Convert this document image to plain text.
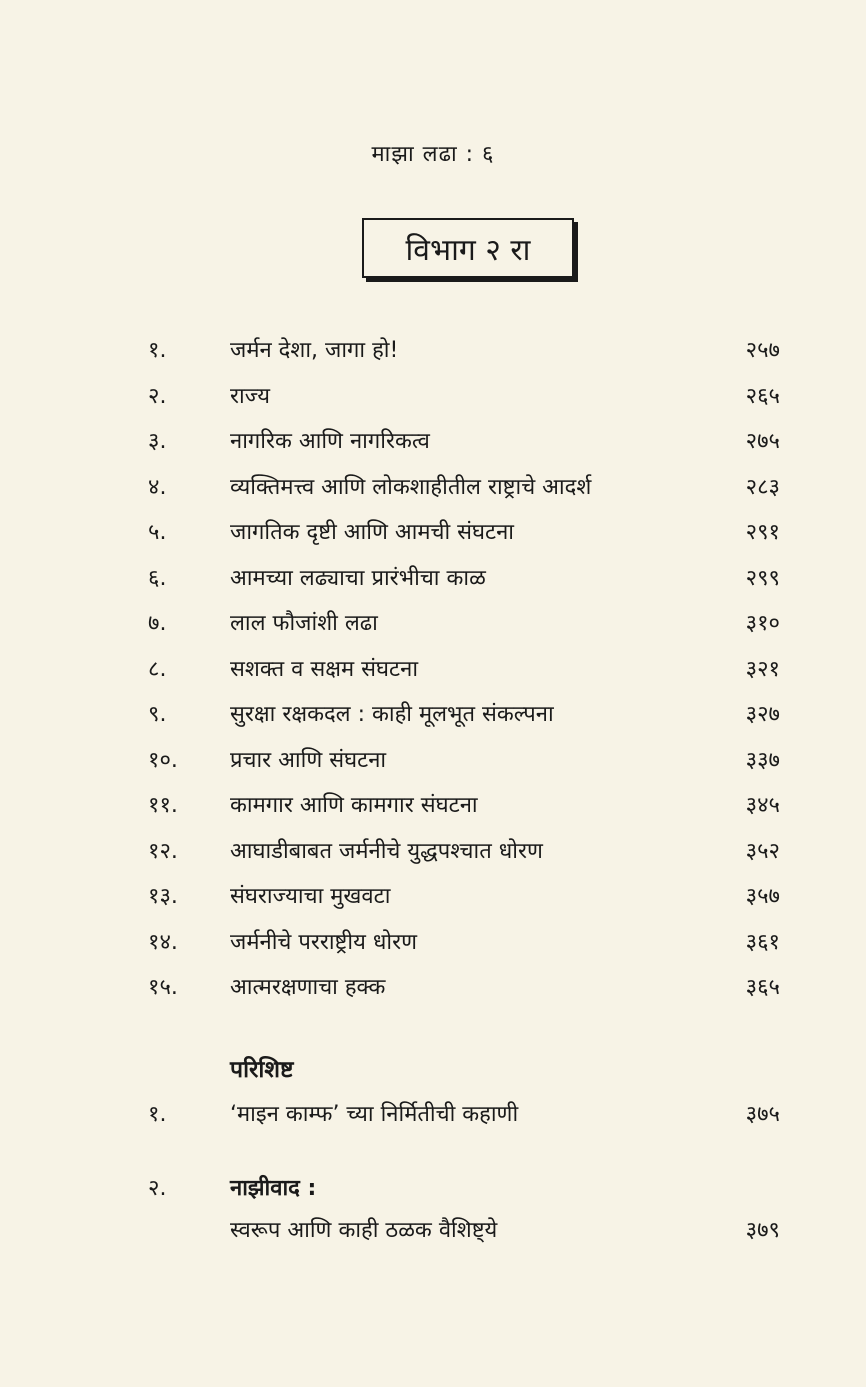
माझा लढा : ६
विभाग २ रा
१.	जर्मन देशा, जागा हो!	२५७
२.	राज्य	२६५
३.	नागरिक आणि नागरिकत्व	२७५
४.	व्यक्तिमत्त्व आणि लोकशाहीतील राष्ट्राचे आदर्श	२८३
५.	जागतिक दृष्टी आणि आमची संघटना	२९१
६.	आमच्या लढ्याचा प्रारंभीचा काळ	२९९
७.	लाल फौजांशी लढा	३१०
८.	सशक्त व सक्षम संघटना	३२१
९.	सुरक्षा रक्षकदल : काही मूलभूत संकल्पना	३२७
१०. प्रचार आणि संघटना	३३७
११. कामगार आणि कामगार संघटना	३४५
१२. आघाडीबाबत जर्मनीचे युद्धपश्चात धोरण	३५२
१३. संघराज्याचा मुखवटा	३५७
१४. जर्मनीचे परराष्ट्रीय धोरण	३६१
१५. आत्मरक्षणाचा हक्क	३६५
परिशिष्ट
१.	‘माइन काम्फ’ च्या निर्मितीची कहाणी	३७५
२.	नाझीवाद :
स्वरूप आणि काही ठळक वैशिष्ट्ये	३७९
